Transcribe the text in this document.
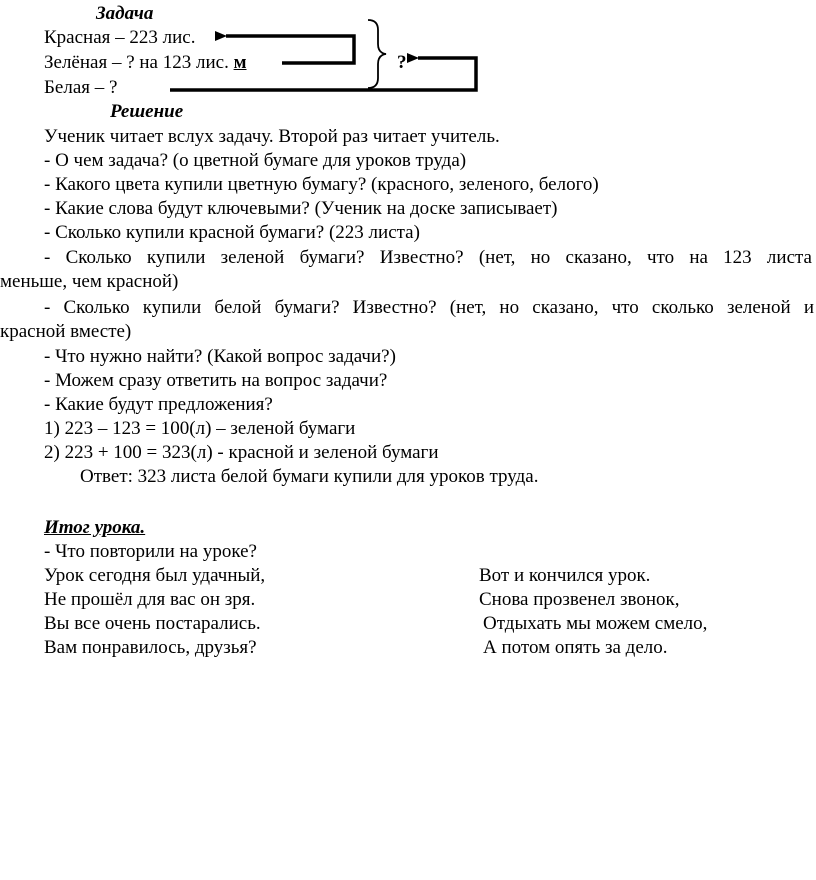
Задача
Красная – 223 лис.
Зелёная – ? на 123 лис. м
Белая – ?
?
Решение
Ученик читает вслух задачу. Второй раз читает учитель.
- О чем задача? (о цветной бумаге для уроков труда)
- Какого цвета купили цветную бумагу? (красного, зеленого, белого)
- Какие слова будут ключевыми? (Ученик на доске записывает)
- Сколько купили красной бумаги? (223 листа)
- Сколько купили зеленой бумаги? Известно? (нет, но сказано, что на 123 листа
меньше, чем красной)
- Сколько купили белой бумаги? Известно? (нет, но сказано, что сколько зеленой и
красной вместе)
- Что нужно найти? (Какой вопрос задачи?)
- Можем сразу ответить на вопрос задачи?
- Какие будут предложения?
1) 223 – 123 = 100(л) – зеленой бумаги
2) 223 + 100 = 323(л) - красной и зеленой бумаги
Ответ: 323 листа белой бумаги купили для уроков труда.
Итог урока.
- Что повторили на уроке?
Урок сегодня был удачный,
Не прошёл для вас он зря.
Вы все очень постарались.
Вам понравилось, друзья?
Вот и кончился урок.
Снова прозвенел звонок,
Отдыхать мы можем смело,
А потом опять за дело.
